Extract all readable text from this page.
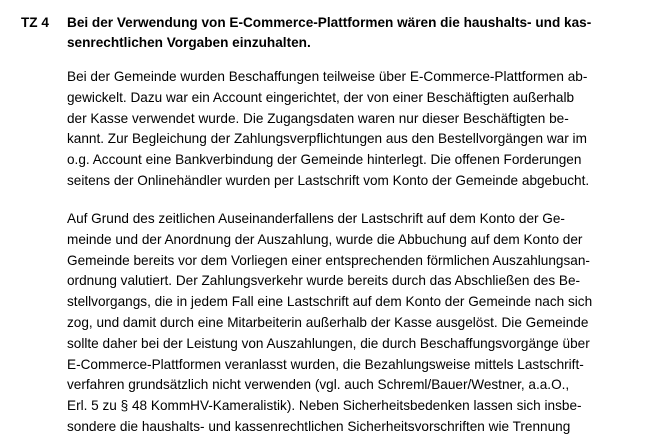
TZ 4 Bei der Verwendung von E-Commerce-Plattformen wären die haushalts- und kas-
senrechtlichen Vorgaben einzuhalten.
Bei der Gemeinde wurden Beschaffungen teilweise über E-Commerce-Plattformen ab-
gewickelt. Dazu war ein Account eingerichtet, der von einer Beschäftigten außerhalb
der Kasse verwendet wurde. Die Zugangsdaten waren nur dieser Beschäftigten be-
kannt. Zur Begleichung der Zahlungsverpflichtungen aus den Bestellvorgängen war im
o.g. Account eine Bankverbindung der Gemeinde hinterlegt. Die offenen Forderungen
seitens der Onlinehändler wurden per Lastschrift vom Konto der Gemeinde abgebucht.
Auf Grund des zeitlichen Auseinanderfallens der Lastschrift auf dem Konto der Ge-
meinde und der Anordnung der Auszahlung, wurde die Abbuchung auf dem Konto der
Gemeinde bereits vor dem Vorliegen einer entsprechenden förmlichen Auszahlungsan-
ordnung valutiert. Der Zahlungsverkehr wurde bereits durch das Abschließen des Be-
stellvorgangs, die in jedem Fall eine Lastschrift auf dem Konto der Gemeinde nach sich
zog, und damit durch eine Mitarbeiterin außerhalb der Kasse ausgelöst. Die Gemeinde
sollte daher bei der Leistung von Auszahlungen, die durch Beschaffungsvorgänge über
E-Commerce-Plattformen veranlasst wurden, die Bezahlungsweise mittels Lastschrift-
verfahren grundsätzlich nicht verwenden (vgl. auch Schreml/Bauer/Westner, a.a.O.,
Erl. 5 zu § 48 KommHV-Kameralistik). Neben Sicherheitsbedenken lassen sich insbe-
sondere die haushalts- und kassenrechtlichen Sicherheitsvorschriften wie Trennung
